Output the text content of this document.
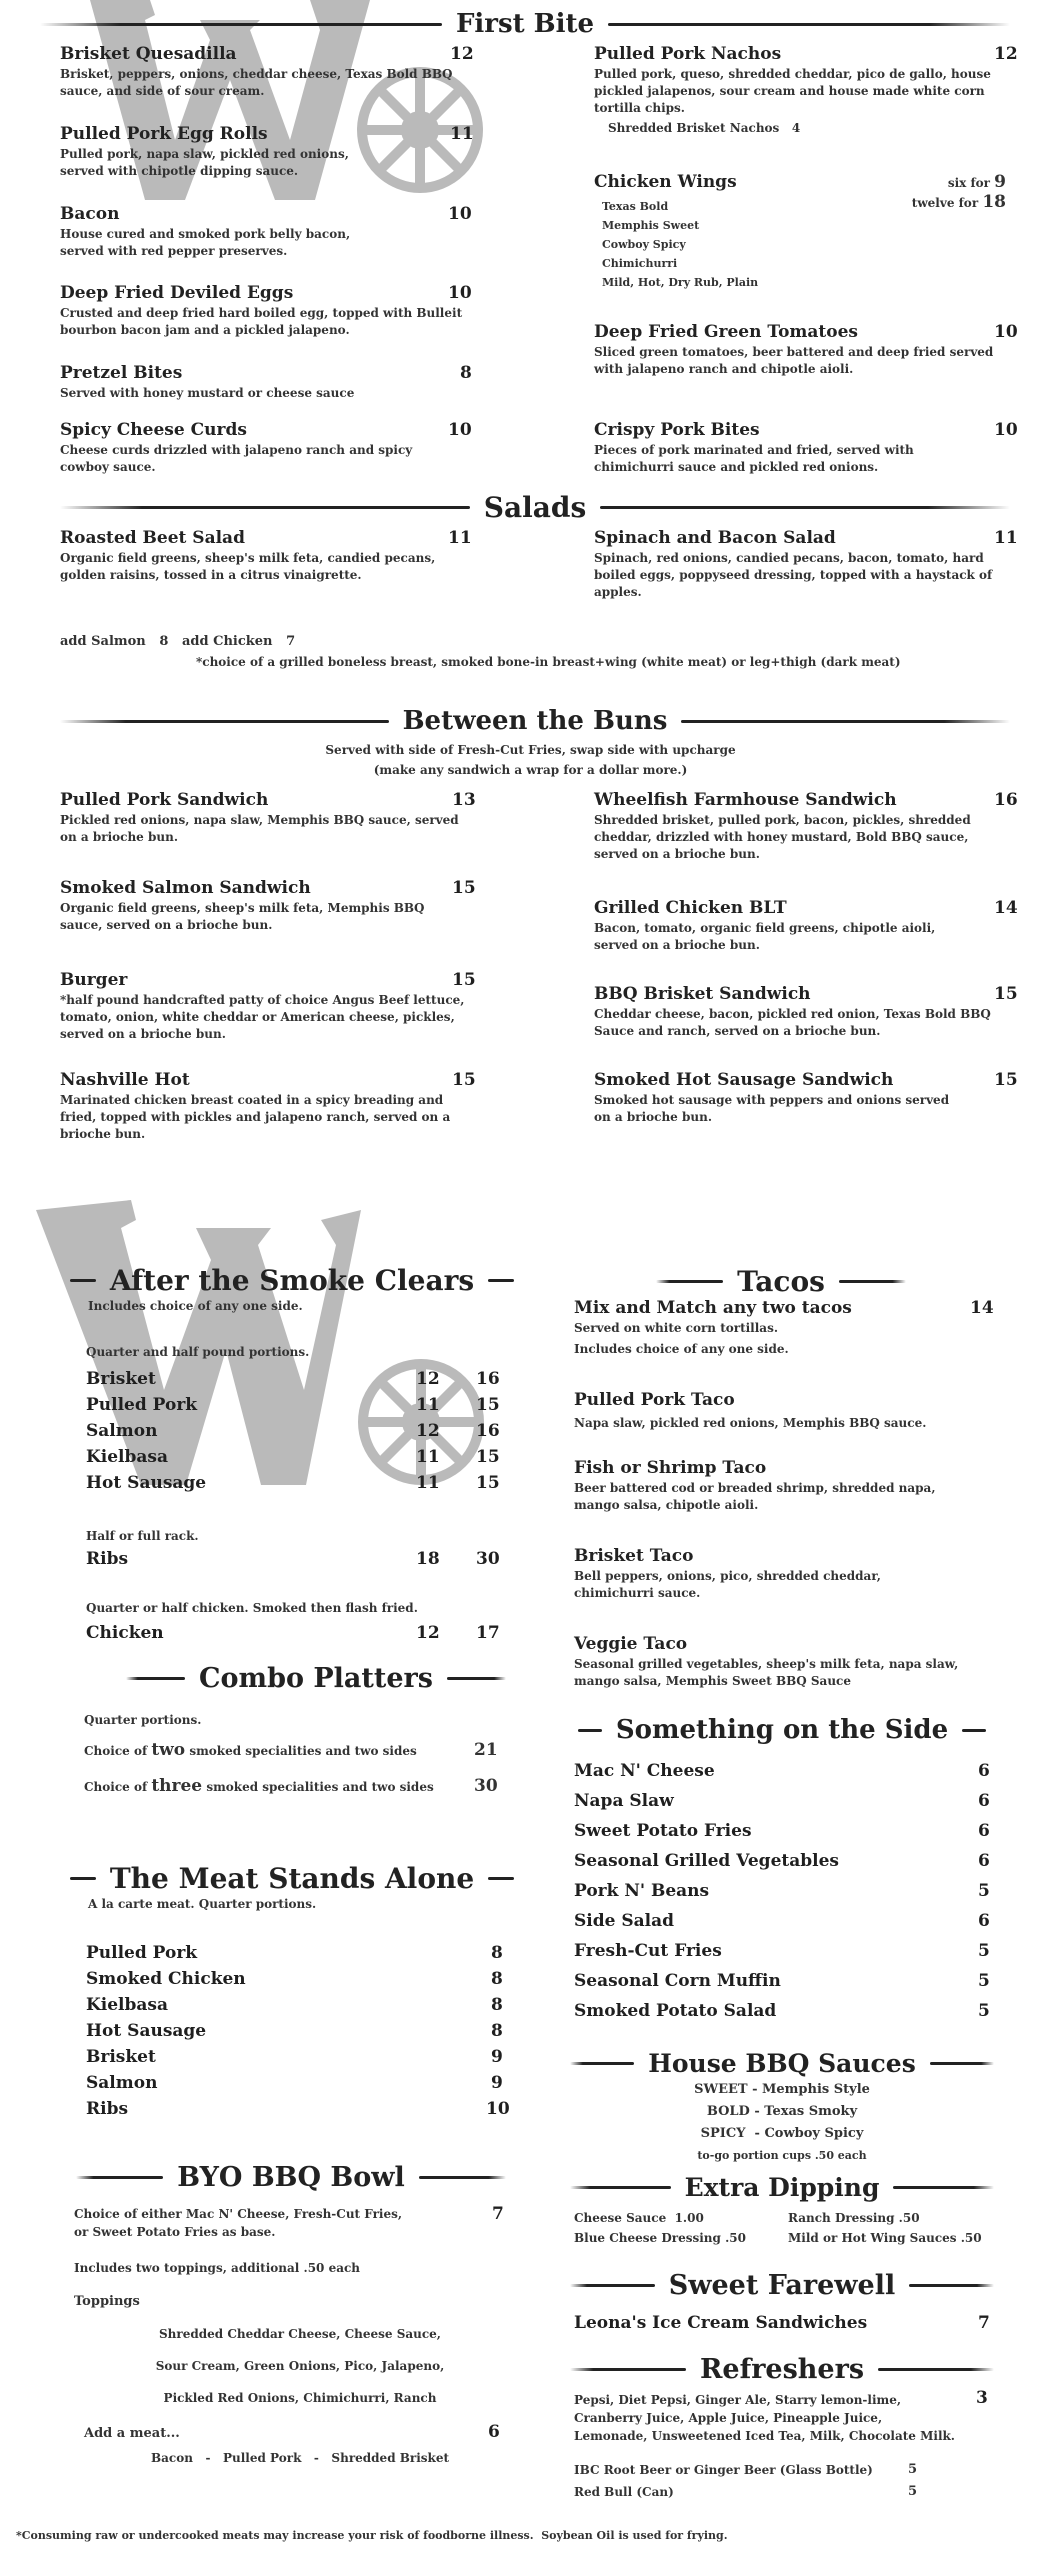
First Bite
Brisket Quesadilla	12
Brisket, peppers, onions, cheddar cheese, Texas Bold BBQ sauce, and side of sour cream.
Pulled Pork Egg Rolls	11
Pulled pork, napa slaw, pickled red onions, served with chipotle dipping sauce.
Bacon	10
House cured and smoked pork belly bacon, served with red pepper preserves.
Deep Fried Deviled Eggs	10
Crusted and deep fried hard boiled egg, topped with Bulleit bourbon bacon jam and a pickled jalapeno.
Pretzel Bites	8
Served with honey mustard or cheese sauce
Spicy Cheese Curds	10
Cheese curds drizzled with jalapeno ranch and spicy cowboy sauce.
Pulled Pork Nachos	12
Pulled pork, queso, shredded cheddar, pico de gallo, house pickled jalapenos, sour cream and house made white corn tortilla chips.
Shredded Brisket Nachos 4
Chicken Wings	six for 9
twelve for 18
Texas Bold
Memphis Sweet
Cowboy Spicy
Chimichurri
Mild, Hot, Dry Rub, Plain
Deep Fried Green Tomatoes	10
Sliced green tomatoes, beer battered and deep fried served with jalapeno ranch and chipotle aioli.
Crispy Pork Bites	10
Pieces of pork marinated and fried, served with chimichurri sauce and pickled red onions.
Salads
Roasted Beet Salad	11
Organic field greens, sheep's milk feta, candied pecans, golden raisins, tossed in a citrus vinaigrette.
Spinach and Bacon Salad	11
Spinach, red onions, candied pecans, bacon, tomato, hard boiled eggs, poppyseed dressing, topped with a haystack of apples.
add Salmon 8 add Chicken 7
*choice of a grilled boneless breast, smoked bone-in breast+wing (white meat) or leg+thigh (dark meat)
Between the Buns
Served with side of Fresh-Cut Fries, swap side with upcharge
(make any sandwich a wrap for a dollar more.)
Pulled Pork Sandwich	13
Pickled red onions, napa slaw, Memphis BBQ sauce, served on a brioche bun.
Smoked Salmon Sandwich	15
Organic field greens, sheep's milk feta, Memphis BBQ sauce, served on a brioche bun.
Burger	15
*half pound handcrafted patty of choice Angus Beef lettuce, tomato, onion, white cheddar or American cheese, pickles, served on a brioche bun.
Nashville Hot	15
Marinated chicken breast coated in a spicy breading and fried, topped with pickles and jalapeno ranch, served on a brioche bun.
Wheelfish Farmhouse Sandwich	16
Shredded brisket, pulled pork, bacon, pickles, shredded cheddar, drizzled with honey mustard, Bold BBQ sauce, served on a brioche bun.
Grilled Chicken BLT	14
Bacon, tomato, organic field greens, chipotle aioli, served on a brioche bun.
BBQ Brisket Sandwich	15
Cheddar cheese, bacon, pickled red onion, Texas Bold BBQ Sauce and ranch, served on a brioche bun.
Smoked Hot Sausage Sandwich	15
Smoked hot sausage with peppers and onions served on a brioche bun.
After the Smoke Clears
Includes choice of any one side.
Quarter and half pound portions.
Brisket	12 16
Pulled Pork	11 15
Salmon	12 16
Kielbasa	11 15
Hot Sausage	11 15
Half or full rack.
Ribs	18 30
Quarter or half chicken. Smoked then flash fried.
Chicken	12 17
Combo Platters
Quarter portions.
Choice of two smoked specialities and two sides	21
Choice of three smoked specialities and two sides 30
The Meat Stands Alone
A la carte meat. Quarter portions.
Pulled Pork	8
Smoked Chicken	8
Kielbasa	8
Hot Sausage	8
Brisket	9
Salmon	9
Ribs	10
BYO BBQ Bowl
Choice of either Mac N' Cheese, Fresh-Cut Fries,
or Sweet Potato Fries as base.
7
Includes two toppings, additional .50 each
Toppings
Shredded Cheddar Cheese, Cheese Sauce,
Sour Cream, Green Onions, Pico, Jalapeno,
Pickled Red Onions, Chimichurri, Ranch
Add a meat...	6
Bacon   -   Pulled Pork   -   Shredded Brisket
Tacos
Mix and Match any two tacos	14
Served on white corn tortillas.
Includes choice of any one side.
Pulled Pork Taco
Napa slaw, pickled red onions, Memphis BBQ sauce.
Fish or Shrimp Taco
Beer battered cod or breaded shrimp, shredded napa, mango salsa, chipotle aioli.
Brisket Taco
Bell peppers, onions, pico, shredded cheddar, chimichurri sauce.
Veggie Taco
Seasonal grilled vegetables, sheep's milk feta, napa slaw, mango salsa, Memphis Sweet BBQ Sauce
Something on the Side
Mac N' Cheese	6
Napa Slaw	6
Sweet Potato Fries	6
Seasonal Grilled Vegetables	6
Pork N' Beans	5
Side Salad	6
Fresh-Cut Fries	5
Seasonal Corn Muffin	5
Smoked Potato Salad	5
House BBQ Sauces
SWEET - Memphis Style
BOLD - Texas Smoky
SPICY  - Cowboy Spicy
to-go portion cups .50 each
Extra Dipping
Cheese Sauce  1.00	Ranch Dressing .50
Blue Cheese Dressing .50	Mild or Hot Wing Sauces .50
Sweet Farewell
Leona's Ice Cream Sandwiches	7
Refreshers
Pepsi, Diet Pepsi, Ginger Ale, Starry lemon-lime,
Cranberry Juice, Apple Juice, Pineapple Juice,
Lemonade, Unsweetened Iced Tea, Milk, Chocolate Milk.
3
IBC Root Beer or Ginger Beer (Glass Bottle)	5
Red Bull (Can)	5
*Consuming raw or undercooked meats may increase your risk of foodborne illness.  Soybean Oil is used for frying.
